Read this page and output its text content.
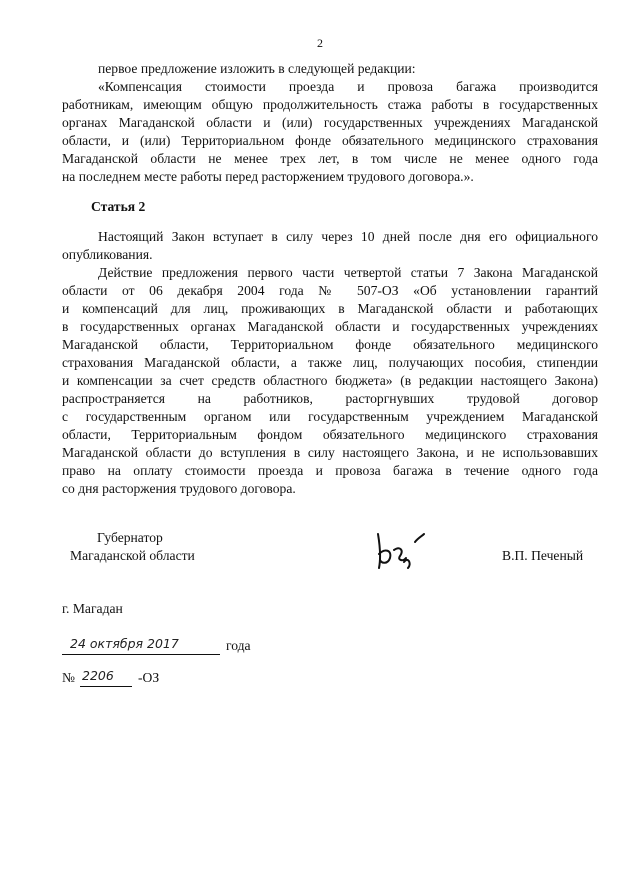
2
первое предложение изложить в следующей редакции:
«Компенсация стоимости проезда и провоза багажа производится
работникам, имеющим общую продолжительность стажа работы в государственных
органах Магаданской области и (или) государственных учреждениях Магаданской
области, и (или) Территориальном фонде обязательного медицинского страхования
Магаданской области не менее трех лет, в том числе не менее одного года
на последнем месте работы перед расторжением трудового договора.».
Статья 2
Настоящий Закон вступает в силу через 10 дней после дня его официального
опубликования.
Действие предложения первого части четвертой статьи 7 Закона Магаданской
области от 06 декабря 2004 года № 507-ОЗ «Об установлении гарантий
и компенсаций для лиц, проживающих в Магаданской области и работающих
в государственных органах Магаданской области и государственных учреждениях
Магаданской области, Территориальном фонде обязательного медицинского
страхования Магаданской области, а также лиц, получающих пособия, стипендии
и компенсации за счет средств областного бюджета» (в редакции настоящего Закона)
распространяется на работников, расторгнувших трудовой договор
с государственным органом или государственным учреждением Магаданской
области, Территориальным фондом обязательного медицинского страхования
Магаданской области до вступления в силу настоящего Закона, и не использовавших
право на оплату стоимости проезда и провоза багажа в течение одного года
со дня расторжения трудового договора.
Губернатор
Магаданской области	В.П. Печеный
г. Магадан
24 октября 2017	года
№ 2206 -ОЗ
